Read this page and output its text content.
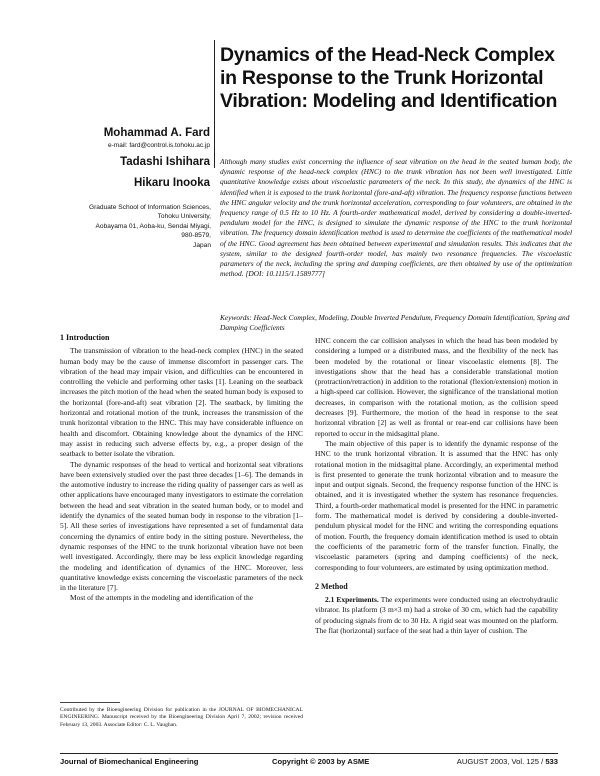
Dynamics of the Head-Neck Complex in Response to the Trunk Horizontal Vibration: Modeling and Identification
Mohammad A. Fard
e-mail: fard@control.is.tohoku.ac.jp
Tadashi Ishihara
Hikaru Inooka
Graduate School of Information Sciences,
Tohoku University,
Aobayama 01, Aoba-ku, Sendai Miyagi,
980-8579,
Japan
Although many studies exist concerning the influence of seat vibration on the head in the seated human body, the dynamic response of the head-neck complex (HNC) to the trunk vibration has not been well investigated. Little quantitative knowledge exists about viscoelastic parameters of the neck. In this study, the dynamics of the HNC is identified when it is exposed to the trunk horizontal (fore-and-aft) vibration. The frequency response functions between the HNC angular velocity and the trunk horizontal acceleration, corresponding to four volunteers, are obtained in the frequency range of 0.5 Hz to 10 Hz. A fourth-order mathematical model, derived by considering a double-inverted-pendulum model for the HNC, is designed to simulate the dynamic response of the HNC to the trunk horizontal vibration. The frequency domain identification method is used to determine the coefficients of the mathematical model of the HNC. Good agreement has been obtained between experimental and simulation results. This indicates that the system, similar to the designed fourth-order model, has mainly two resonance frequencies. The viscoelastic parameters of the neck, including the spring and damping coefficients, are then obtained by use of the optimization method. [DOI: 10.1115/1.1589777]
Keywords: Head-Neck Complex, Modeling, Double Inverted Pendulum, Frequency Domain Identification, Spring and Damping Coefficients
1 Introduction

The transmission of vibration to the head-neck complex (HNC) in the seated human body may be the cause of immense discomfort in passenger cars. The vibration of the head may impair vision, and difficulties can be encountered in controlling the vehicle and performing other tasks [1]. Leaning on the seatback increases the pitch motion of the head when the seated human body is exposed to the horizontal (fore-and-aft) seat vibration [2]. The seatback, by limiting the horizontal and rotational motion of the trunk, increases the transmission of the trunk horizontal vibration to the HNC. This may have considerable influence on health and discomfort. Obtaining knowledge about the dynamics of the HNC may assist in reducing such adverse effects by, e.g., a proper design of the seatback to better isolate the vibration.

The dynamic responses of the head to vertical and horizontal seat vibrations have been extensively studied over the past three decades [1–6]. The demands in the automotive industry to increase the riding quality of passenger cars as well as other applications have encouraged many investigators to estimate the correlation between the head and seat vibration in the seated human body, or to model and identify the dynamics of the seated human body in response to the vibration [1–5]. All these series of investigations have represented a set of fundamental data concerning the dynamics of entire body in the sitting posture. Nevertheless, the dynamic responses of the HNC to the trunk horizontal vibration have not been well investigated. Accordingly, there may be less explicit knowledge regarding the modeling and identification of dynamics of the HNC. Moreover, less quantitative knowledge exists concerning the viscoelastic parameters of the neck in the literature [7].

Most of the attempts in the modeling and identification of the

Contributed by the Bioengineering Division for publication in the JOURNAL OF BIOMECHANICAL ENGINEERING. Manuscript received by the Bioengineering Division April 7, 2002; revision received February 13, 2003. Associate Editor: C. L. Vaughan.

HNC concern the car collision analyses in which the head has been modeled by considering a lumped or a distributed mass, and the flexibility of the neck has been modeled by the rotational or linear viscoelastic elements [8]. The investigations show that the head has a considerable translational motion (protraction/retraction) in addition to the rotational (flexion/extension) motion in a high-speed car collision. However, the significance of the translational motion decreases, in comparison with the rotational motion, as the collision speed decreases [9]. Furthermore, the motion of the head in response to the seat horizontal vibration [2] as well as frontal or rear-end car collisions have been reported to occur in the midsagittal plane.

The main objective of this paper is to identify the dynamic response of the HNC to the trunk horizontal vibration. It is assumed that the HNC has only rotational motion in the midsagittal plane. Accordingly, an experimental method is first presented to generate the trunk horizontal vibration and to measure the input and output signals. Second, the frequency response function of the HNC is obtained, and it is investigated whether the system has resonance frequencies. Third, a fourth-order mathematical model is presented for the HNC in parametric form. The mathematical model is derived by considering a double-inverted-pendulum physical model for the HNC and writing the corresponding equations of motion. Fourth, the frequency domain identification method is used to obtain the coefficients of the parametric form of the transfer function. Finally, the viscoelastic parameters (spring and damping coefficients) of the neck, corresponding to four volunteers, are estimated by using optimization method.

2 Method

2.1 Experiments. The experiments were conducted using an electrohydraulic vibrator. Its platform (3 m×3 m) had a stroke of 30 cm, which had the capability of producing signals from dc to 30 Hz. A rigid seat was mounted on the platform. The flat (horizontal) surface of the seat had a thin layer of cushion. The

Journal of Biomechanical Engineering	Copyright © 2003 by ASME	AUGUST 2003, Vol. 125 / 533
